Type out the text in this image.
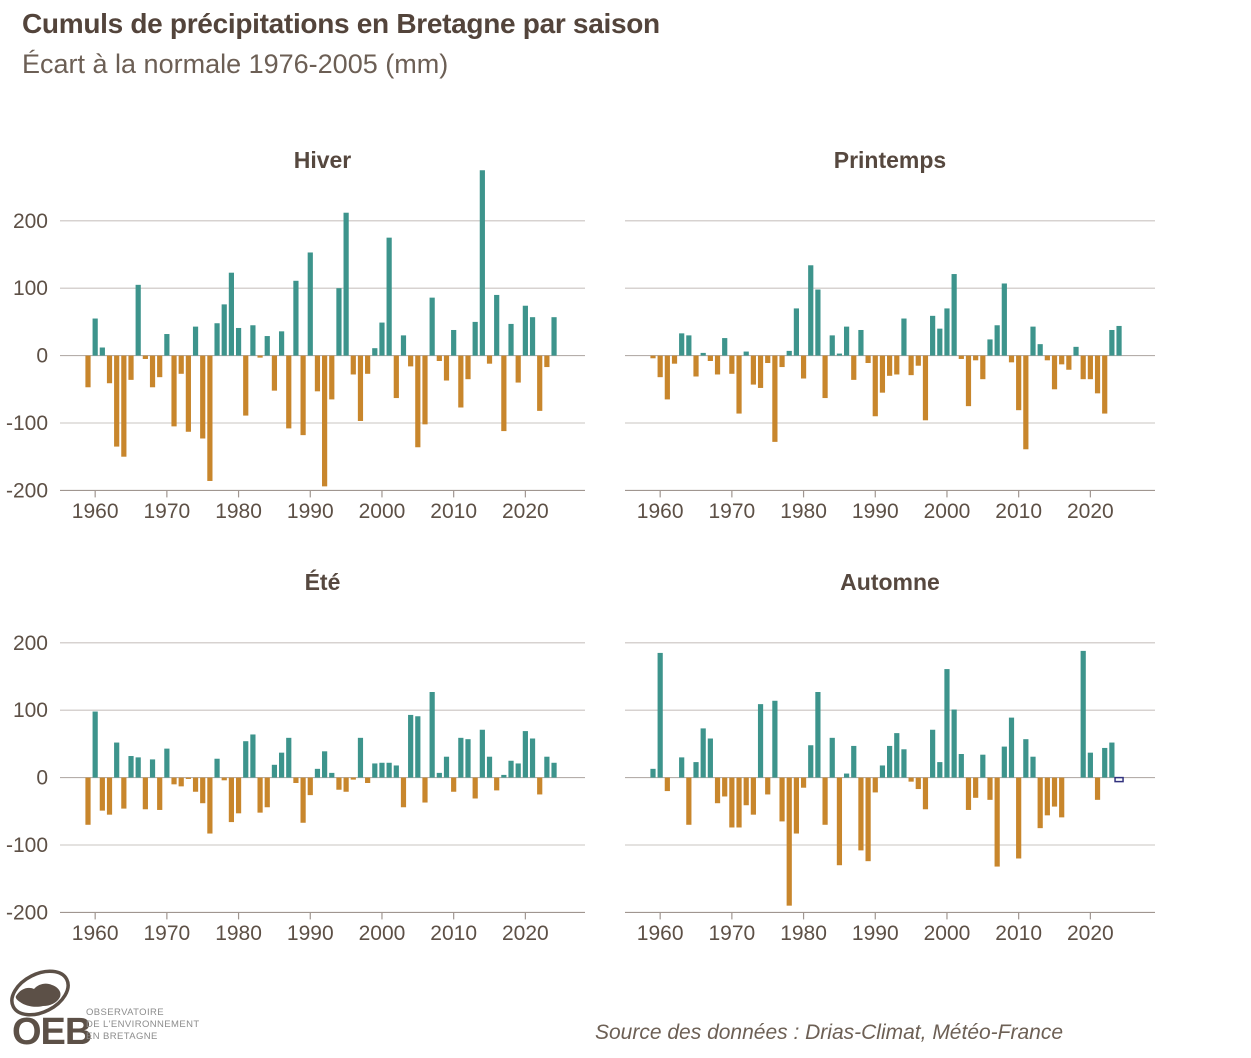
Cumuls de précipitations en Bretagne par saison
Écart à la normale 1976-2005 (mm)
200
100
0
-100
-200
1960 1970 1980 1990 2000 2010 2020
Hiver
1960 1970 1980 1990 2000 2010 2020
Printemps
200
100
0
-100
-200
1960 1970 1980 1990 2000 2010 2020
Été
1960 1970 1980 1990 2000 2010 2020
Automne
OEB
OBSERVATOIRE
DE L'ENVIRONNEMENT
EN BRETAGNE	Source des données : Drias-Climat, Météo-France
